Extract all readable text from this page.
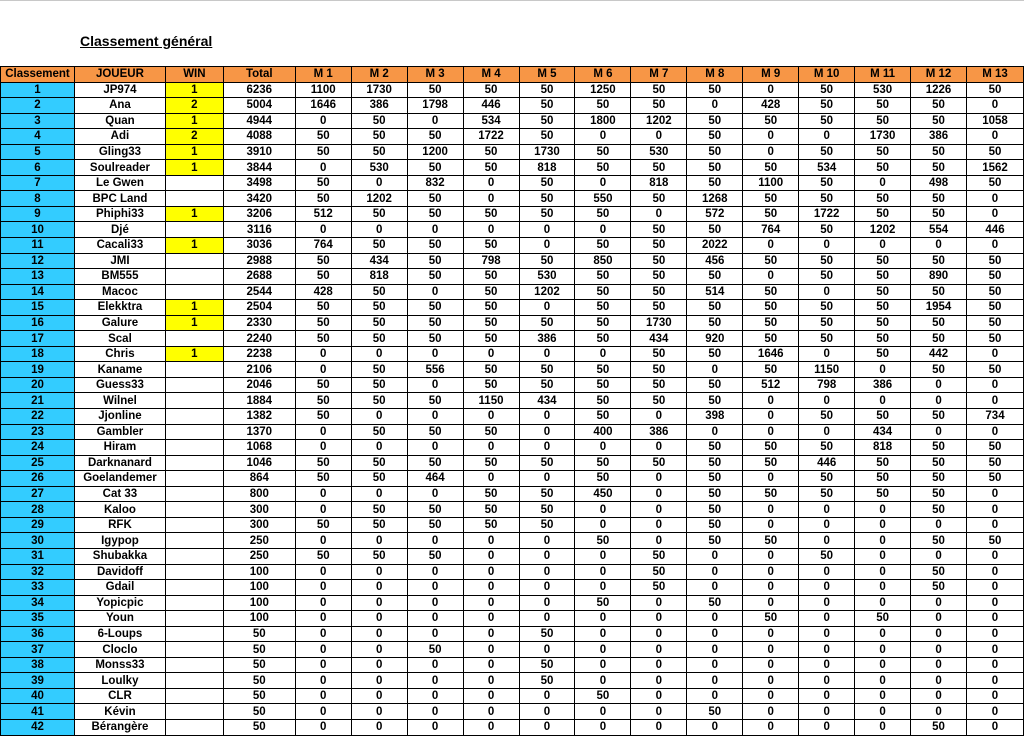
Classement général
Classement	JOUEUR	WIN	Total	M 1	M 2	M 3	M 4	M 5	M 6	M 7	M 8	M 9	M 10	M 11	M 12	M 13
1	JP974	1	6236	1100	1730	50	50	50	1250	50	50	0	50	530	1226	50
2	Ana	2	5004	1646	386	1798	446	50	50	50	0	428	50	50	50	0
3	Quan	1	4944	0	50	0	534	50	1800	1202	50	50	50	50	50	1058
4	Adi	2	4088	50	50	50	1722	50	0	0	50	0	0	1730	386	0
5	Gling33	1	3910	50	50	1200	50	1730	50	530	50	0	50	50	50	50
6	Soulreader	1	3844	0	530	50	50	818	50	50	50	50	534	50	50	1562
7	Le Gwen		3498	50	0	832	0	50	0	818	50	1100	50	0	498	50
8	BPC Land		3420	50	1202	50	0	50	550	50	1268	50	50	50	50	0
9	Phiphi33	1	3206	512	50	50	50	50	50	0	572	50	1722	50	50	0
10	Djé		3116	0	0	0	0	0	0	50	50	764	50	1202	554	446
11	Cacali33	1	3036	764	50	50	50	0	50	50	2022	0	0	0	0	0
12	JMI		2988	50	434	50	798	50	850	50	456	50	50	50	50	50
13	BM555		2688	50	818	50	50	530	50	50	50	0	50	50	890	50
14	Macoc		2544	428	50	0	50	1202	50	50	514	50	0	50	50	50
15	Elekktra	1	2504	50	50	50	50	0	50	50	50	50	50	50	1954	50
16	Galure	1	2330	50	50	50	50	50	50	1730	50	50	50	50	50	50
17	Scal		2240	50	50	50	50	386	50	434	920	50	50	50	50	50
18	Chris	1	2238	0	0	0	0	0	0	50	50	1646	0	50	442	0
19	Kaname		2106	0	50	556	50	50	50	50	0	50	1150	0	50	50
20	Guess33		2046	50	50	0	50	50	50	50	50	512	798	386	0	0
21	Wilnel		1884	50	50	50	1150	434	50	50	50	0	0	0	0	0
22	Jjonline		1382	50	0	0	0	0	50	0	398	0	50	50	50	734
23	Gambler		1370	0	50	50	50	0	400	386	0	0	0	434	0	0
24	Hiram		1068	0	0	0	0	0	0	0	50	50	50	818	50	50
25	Darknanard		1046	50	50	50	50	50	50	50	50	50	446	50	50	50
26	Goelandemer		864	50	50	464	0	0	50	0	50	0	50	50	50	50
27	Cat 33		800	0	0	0	50	50	450	0	50	50	50	50	50	0
28	Kaloo		300	0	50	50	50	50	0	0	50	0	0	0	50	0
29	RFK		300	50	50	50	50	50	0	0	50	0	0	0	0	0
30	Igypop		250	0	0	0	0	0	50	0	50	50	0	0	50	50
31	Shubakka		250	50	50	50	0	0	0	50	0	0	50	0	0	0
32	Davidoff		100	0	0	0	0	0	0	50	0	0	0	0	50	0
33	Gdail		100	0	0	0	0	0	0	50	0	0	0	0	50	0
34	Yopicpic		100	0	0	0	0	0	50	0	50	0	0	0	0	0
35	Youn		100	0	0	0	0	0	0	0	0	50	0	50	0	0
36	6-Loups		50	0	0	0	0	50	0	0	0	0	0	0	0	0
37	Cloclo		50	0	0	50	0	0	0	0	0	0	0	0	0	0
38	Monss33		50	0	0	0	0	50	0	0	0	0	0	0	0	0
39	Loulky		50	0	0	0	0	50	0	0	0	0	0	0	0	0
40	CLR		50	0	0	0	0	0	50	0	0	0	0	0	0	0
41	Kévin		50	0	0	0	0	0	0	0	50	0	0	0	0	0
42	Bérangère		50	0	0	0	0	0	0	0	0	0	0	0	50	0
